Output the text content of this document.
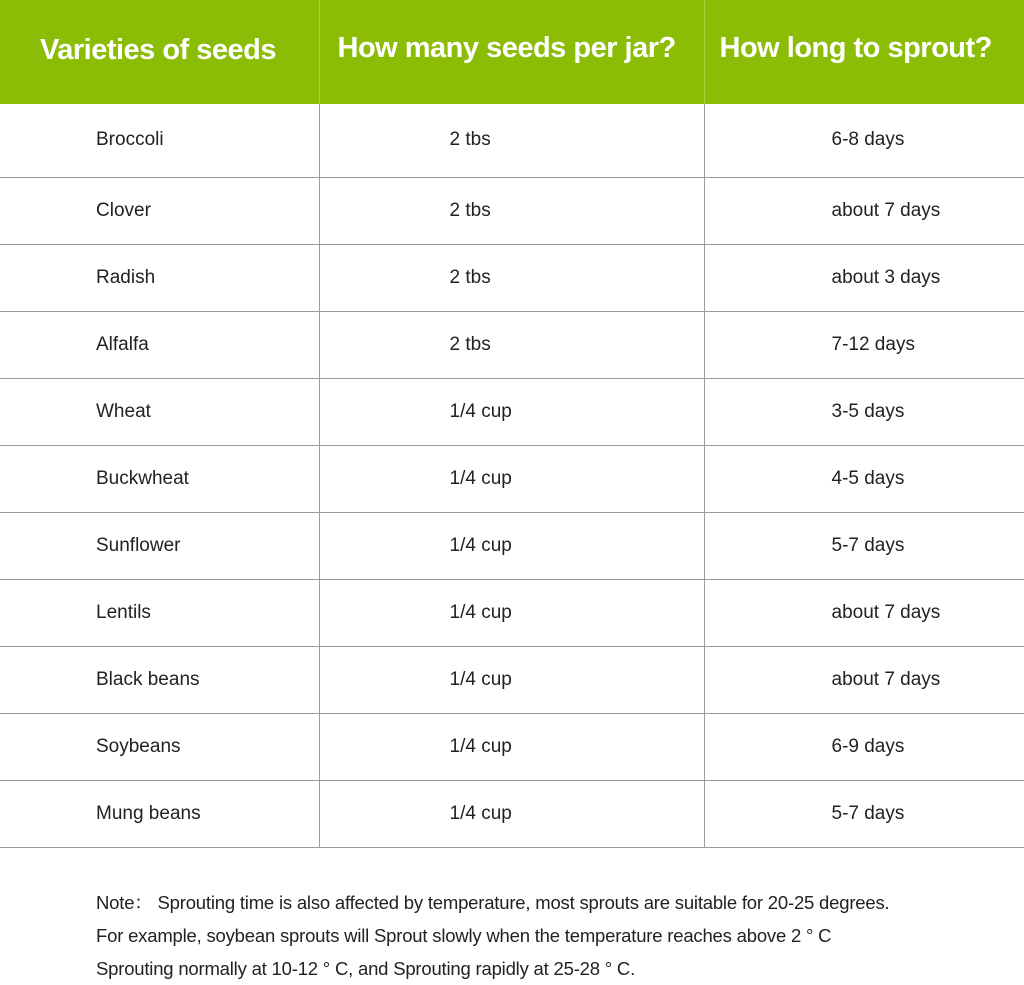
Varieties of seeds	How many seeds per jar?	How long to sprout?
Broccoli	2 tbs	6-8 days
Clover	2 tbs	about 7 days
Radish	2 tbs	about 3 days
Alfalfa	2 tbs	7-12 days
Wheat	1/4 cup	3-5 days
Buckwheat	1/4 cup	4-5 days
Sunflower	1/4 cup	5-7 days
Lentils	1/4 cup	about 7 days
Black beans	1/4 cup	about 7 days
Soybeans	1/4 cup	6-9 days
Mung beans	1/4 cup	5-7 days

Note： Sprouting time is also affected by temperature, most sprouts are suitable for 20-25 degrees.

For example, soybean sprouts will Sprout slowly when the temperature reaches above 2 ° C

Sprouting normally at 10-12 ° C, and Sprouting rapidly at 25-28 ° C.
